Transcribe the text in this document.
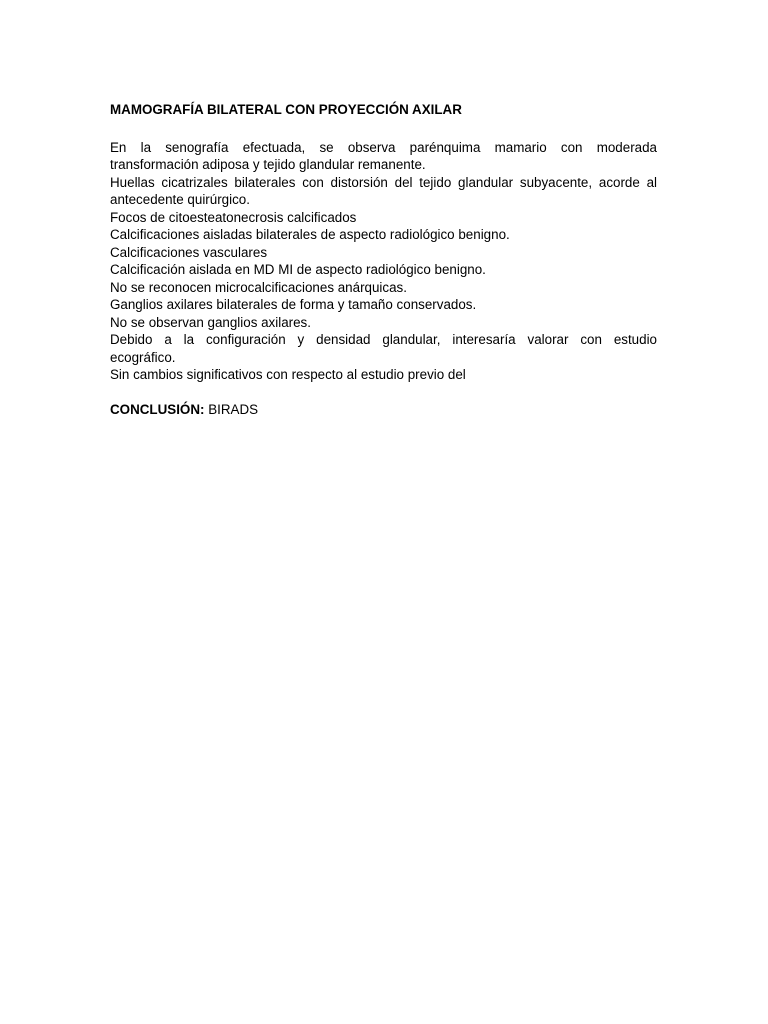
MAMOGRAFÍA BILATERAL CON PROYECCIÓN AXILAR
En la senografía efectuada, se observa parénquima mamario con moderada
transformación adiposa y tejido glandular remanente.
Huellas cicatrizales bilaterales con distorsión del tejido glandular subyacente, acorde al
antecedente quirúrgico.
Focos de citoesteatonecrosis calcificados
Calcificaciones aisladas bilaterales de aspecto radiológico benigno.
Calcificaciones vasculares
Calcificación aislada en MD MI de aspecto radiológico benigno.
No se reconocen microcalcificaciones anárquicas.
Ganglios axilares bilaterales de forma y tamaño conservados.
No se observan ganglios axilares.
Debido a la configuración y densidad glandular, interesaría valorar con estudio
ecográfico.
Sin cambios significativos con respecto al estudio previo del
CONCLUSIÓN: BIRADS
